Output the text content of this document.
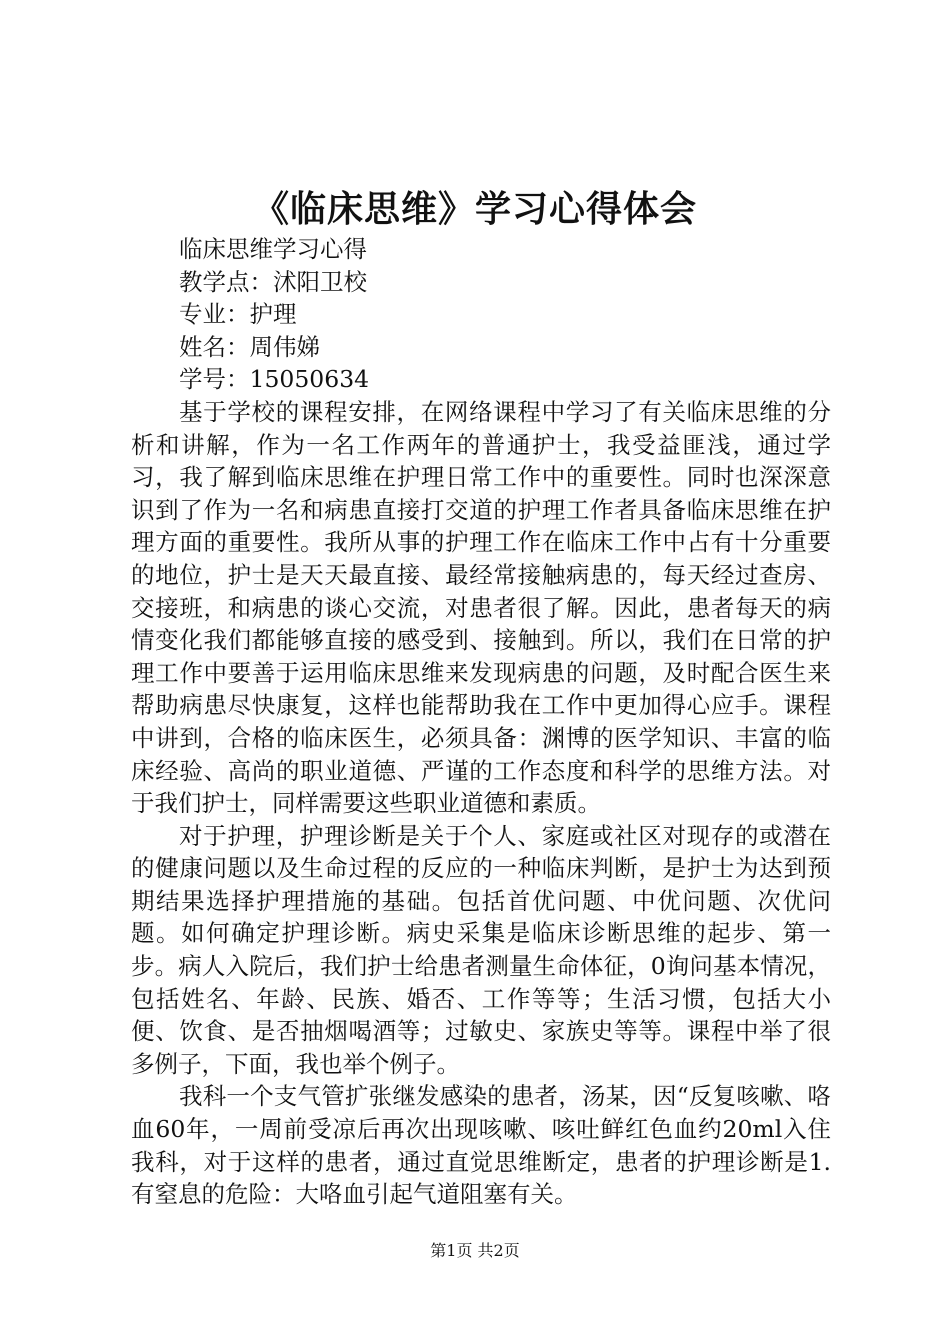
《临床思维》学习心得体会
临床思维学习心得
教学点：沭阳卫校
专业：护理
姓名：周伟娣
学号：15050634

基于学校的课程安排，在网络课程中学习了有关临床思维的分析和讲解，作为一名工作两年的普通护士，我受益匪浅，通过学习，我了解到临床思维在护理日常工作中的重要性。同时也深深意识到了作为一名和病患直接打交道的护理工作者具备临床思维在护理方面的重要性。我所从事的护理工作在临床工作中占有十分重要的地位，护士是天天最直接、最经常接触病患的，每天经过查房、交接班，和病患的谈心交流，对患者很了解。因此，患者每天的病情变化我们都能够直接的感受到、接触到。所以，我们在日常的护理工作中要善于运用临床思维来发现病患的问题，及时配合医生来帮助病患尽快康复，这样也能帮助我在工作中更加得心应手。课程中讲到，合格的临床医生，必须具备：渊博的医学知识、丰富的临床经验、高尚的职业道德、严谨的工作态度和科学的思维方法。对于我们护士，同样需要这些职业道德和素质。

对于护理，护理诊断是关于个人、家庭或社区对现存的或潜在的健康问题以及生命过程的反应的一种临床判断，是护士为达到预期结果选择护理措施的基础。包括首优问题、中优问题、次优问题。如何确定护理诊断。病史采集是临床诊断思维的起步、第一步。病人入院后，我们护士给患者测量生命体征，0询问基本情况，包括姓名、年龄、民族、婚否、工作等等；生活习惯，包括大小便、饮食、是否抽烟喝酒等；过敏史、家族史等等。课程中举了很多例子，下面，我也举个例子。

我科一个支气管扩张继发感染的患者，汤某，因“反复咳嗽、咯血60年，一周前受凉后再次出现咳嗽、咳吐鲜红色血约20ml入住我科，对于这样的患者，通过直觉思维断定，患者的护理诊断是1.有窒息的危险：大咯血引起气道阻塞有关。

第1页 共2页
